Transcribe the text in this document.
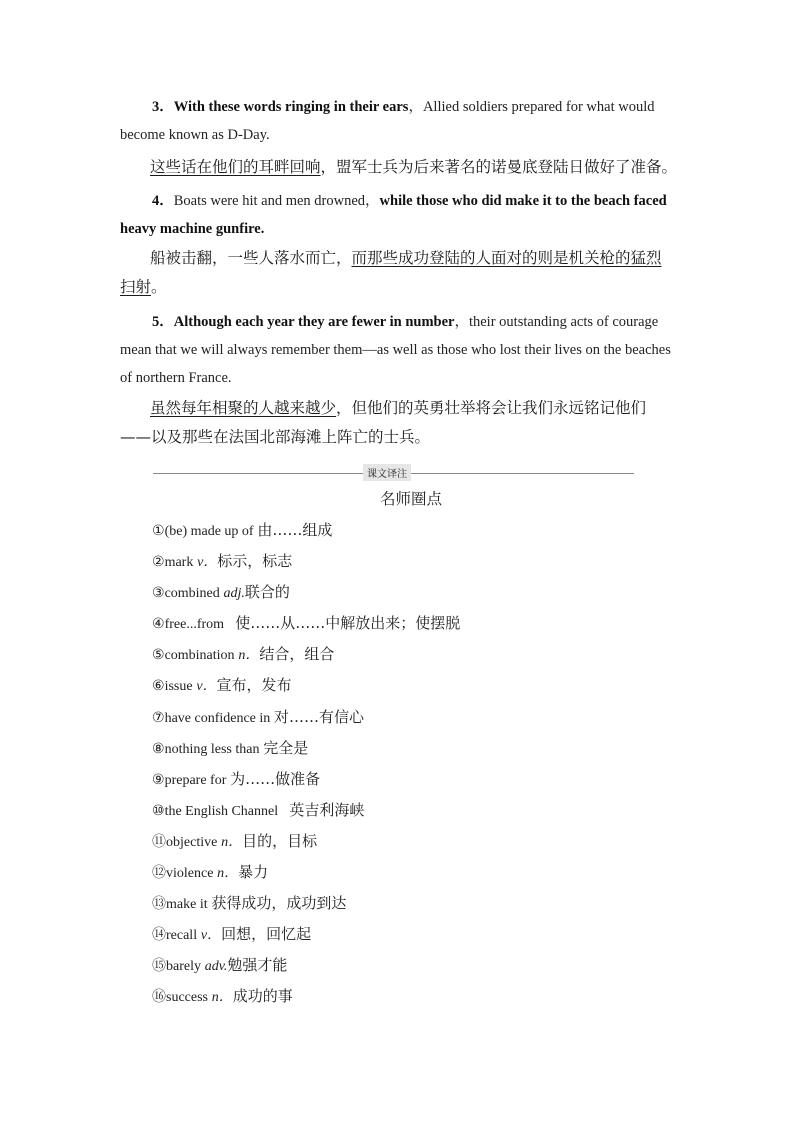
3．With these words ringing in their ears，Allied soldiers prepared for what would become known as D-Day.
这些话在他们的耳畔回响，盟军士兵为后来著名的诺曼底登陆日做好了准备。
4．Boats were hit and men drowned，while those who did make it to the beach faced heavy machine gunfire.
船被击翻，一些人落水而亡，而那些成功登陆的人面对的则是机关枪的猛烈扫射。
5．Although each year they are fewer in number，their outstanding acts of courage mean that we will always remember them—as well as those who lost their lives on the beaches of northern France.
虽然每年相聚的人越来越少，但他们的英勇壮举将会让我们永远铭记他们——以及那些在法国北部海滩上阵亡的士兵。
课文译注
名师圈点
①(be) made up of 由……组成
②mark v．标示，标志
③combined adj.联合的
④free...from 使……从……中解放出来；使摆脱
⑤combination n．结合，组合
⑥issue v．宣布，发布
⑦have confidence in 对……有信心
⑧nothing less than 完全是
⑨prepare for 为……做准备
⑩the English Channel 英吉利海峡
⑪objective n．目的，目标
⑫violence n．暴力
⑬make it 获得成功，成功到达
⑭recall v．回想，回忆起
⑮barely adv.勉强才能
⑯success n．成功的事
